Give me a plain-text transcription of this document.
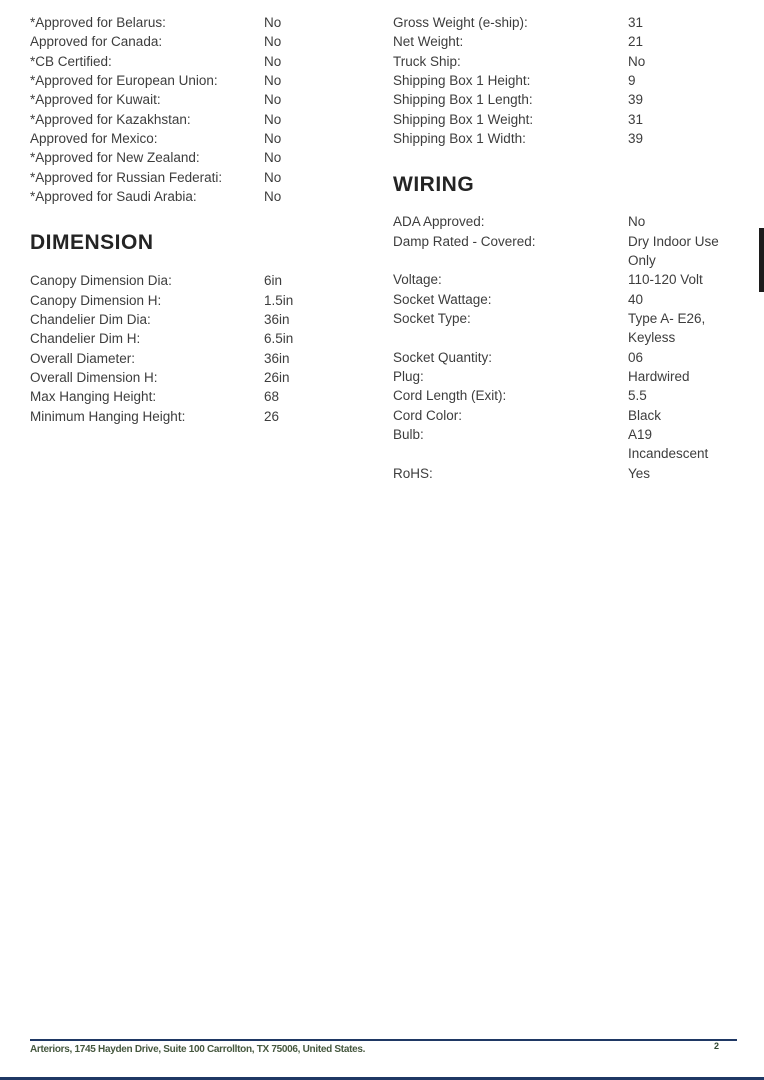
*Approved for Belarus:	No
Approved for Canada:	No
*CB Certified:	No
*Approved for European Union:	No
*Approved for Kuwait:	No
*Approved for Kazakhstan:	No
Approved for Mexico:	No
*Approved for New Zealand:	No
*Approved for Russian Federati:	No
*Approved for Saudi Arabia:	No
DIMENSION
Canopy Dimension Dia:	6in
Canopy Dimension H:	1.5in
Chandelier Dim Dia:	36in
Chandelier Dim H:	6.5in
Overall Diameter:	36in
Overall Dimension H:	26in
Max Hanging Height:	68
Minimum Hanging Height:	26
Gross Weight (e-ship):	31
Net Weight:	21
Truck Ship:	No
Shipping Box 1 Height:	9
Shipping Box 1 Length:	39
Shipping Box 1 Weight:	31
Shipping Box 1 Width:	39
WIRING
ADA Approved:	No
Damp Rated - Covered:	Dry Indoor Use Only
Voltage:	110-120 Volt
Socket Wattage:	40
Socket Type:	Type A- E26, Keyless
Socket Quantity:	06
Plug:	Hardwired
Cord Length (Exit):	5.5
Cord Color:	Black
Bulb:	A19 Incandescent
RoHS:	Yes
Arteriors, 1745 Hayden Drive, Suite 100 Carrollton, TX 75006, United States.	2
